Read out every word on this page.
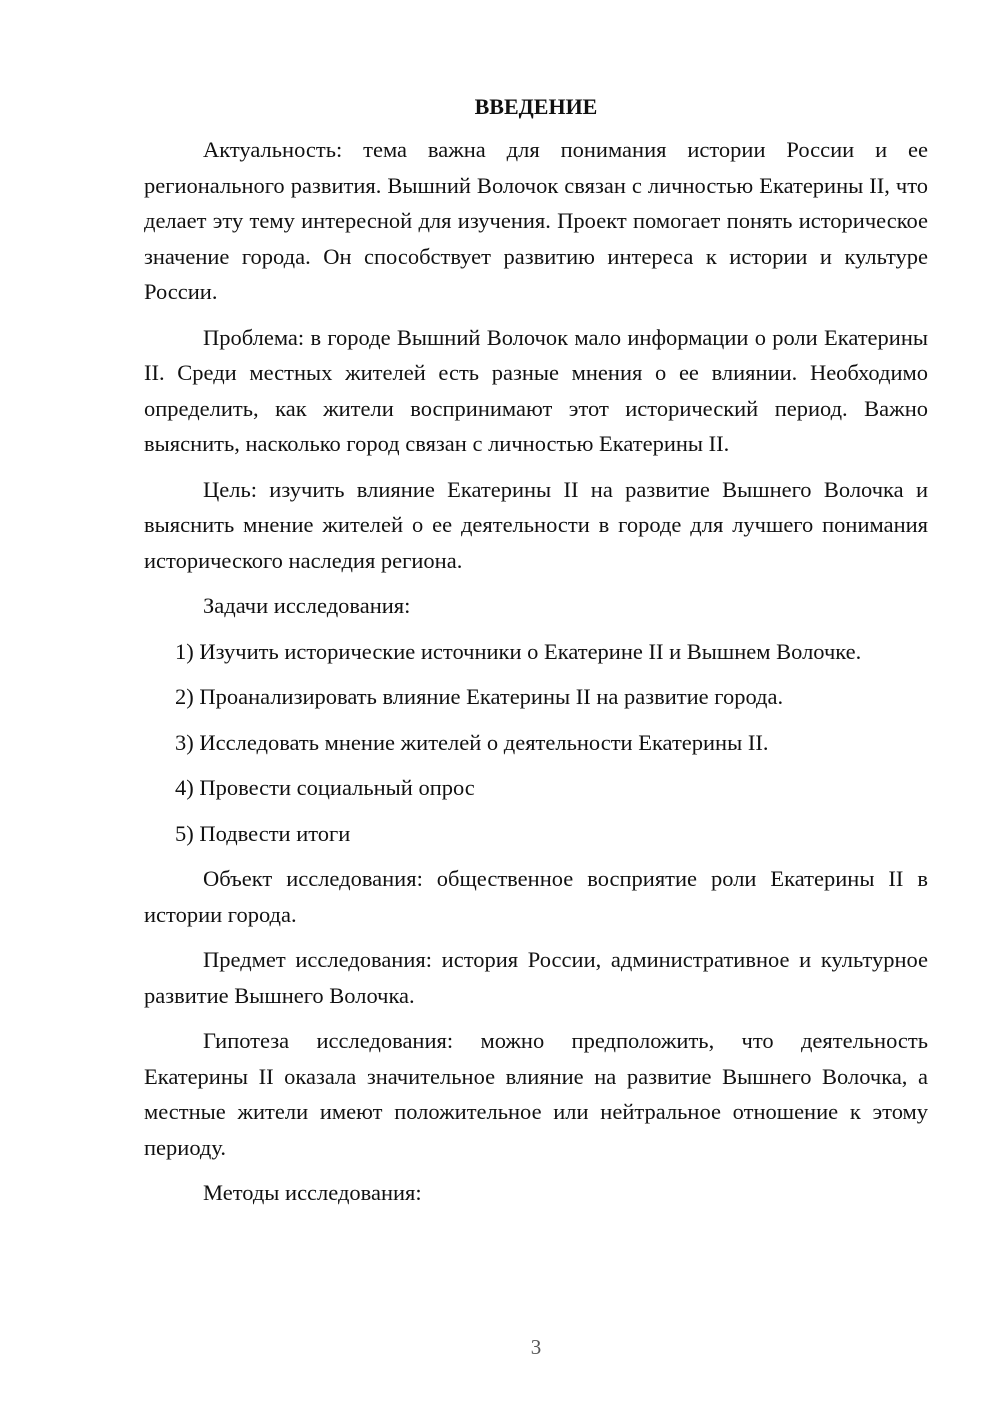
ВВЕДЕНИЕ

Актуальность: тема важна для понимания истории России и ее регионального развития. Вышний Волочок связан с личностью Екатерины II, что делает эту тему интересной для изучения. Проект помогает понять историческое значение города. Он способствует развитию интереса к истории и культуре России.

Проблема: в городе Вышний Волочок мало информации о роли Екатерины II. Среди местных жителей есть разные мнения о ее влиянии. Необходимо определить, как жители воспринимают этот исторический период. Важно выяснить, насколько город связан с личностью Екатерины II.

Цель: изучить влияние Екатерины II на развитие Вышнего Волочка и выяснить мнение жителей о ее деятельности в городе для лучшего понимания исторического наследия региона.

Задачи исследования:

1) Изучить исторические источники о Екатерине II и Вышнем Волочке.

2) Проанализировать влияние Екатерины II на развитие города.

3) Исследовать мнение жителей о деятельности Екатерины II.

4) Провести социальный опрос

5) Подвести итоги

Объект исследования: общественное восприятие роли Екатерины II в истории города.

Предмет исследования: история России, административное и культурное развитие Вышнего Волочка.

Гипотеза исследования: можно предположить, что деятельность Екатерины II оказала значительное влияние на развитие Вышнего Волочка, а местные жители имеют положительное или нейтральное отношение к этому периоду.

Методы исследования:

3
